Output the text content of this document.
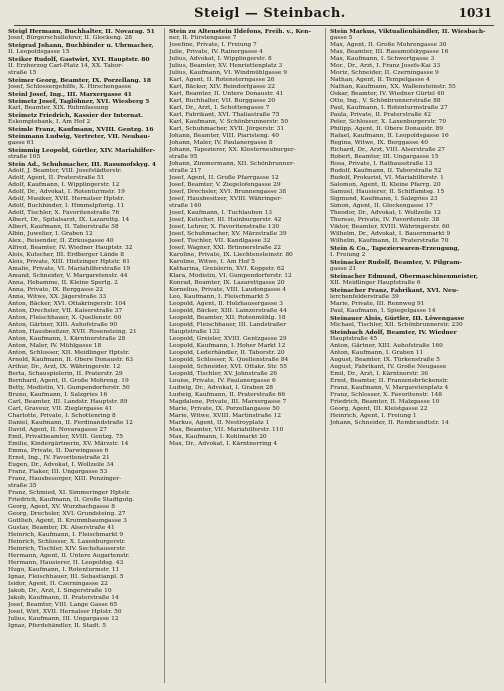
Steigl — Steinbach.	1031
Steigl Hermann, Buchhalter, II. Novarag. 51
Josef, Bürgerschullehrer, II. Glockeng. 28
Steigrad Johann, Buchbinder u. Ubrmacher,
II. Leopoldsgasse 15
Steiker Rudolf, Gastwirt, XVI. Hauptstr. 80
II. Erzherzog Carl-Platz 14, XX. Tabor-
straße 15
Steimer Georg, Beamter, IX. Porzellang. 18
Josef, Schlossergehilfe, X. Hirschengasse
Steinl Josef, Ing., III. Marxergasse 41
Steimetz Josef, Taglöhner, XVI. Wiesberg 5
Karl, Beamter, XIX. Ruhmfassung
Steimetz Friedrich, Kassier der Internat.
Eskomptebank, I. Am Hof 2
Steimle Franz, Kaufmann, XVIII. Gentzg. 16
Steinmann Ludwig, Vertreter, VII. Neubau-
gasse 61
Steimmig Leopold, Gürtler, XIV. Mariahilfer-
straße 165
Stein Ad., Schuhmacher, III. Rasumofskyg. 4
Adolf, J. Beamter, VIII. Josefstädterstr.
Adolf, Agent, II. Praterstraße 51
Adolf, Kaufmann, I. Wipplingerstr. 12
Adolf, Dr., Advokat, I. Rotenturmstr. 19
Adolf, Musiker, XVII. Hernalser Hptstr.
Adolf, Buchbinder, I. Himmelpfortg. 11
Adolf, Tischler, X. Favoritenstraße 76
Albert, Dr., Spitalsarzt, IX. Lazarettg. 14
Albert, Kaufmann, II. Taborstraße 58
Albin, Juwelier, I. Graben 12
Alex., Reisender, II. Zirkusgasse 40
Alfred, Beamter, IV. Wiedner Hauptstr. 32
Alois, Kutscher, III. Erdberger Lände 8
Alois, Private, XIII. Hietzinger Hptstr. 61
Amalie, Private, VI. Mariahilferstraße 19
Amand, Schneider, V. Margaretenstr. 44
Anna, Hebamme, II. Kleine Sperlg. 2
Anna, Private, IX. Berggasse 22
Anna, Witwe, XX. Jägerstraße 33
Anton, Bäcker, XVI. Ottakringerstr. 104
Anton, Drechsler, VII. Kaiserstraße 37
Anton, Fleischhauer, X. Quellenstr. 60
Anton, Gärtner, XIII. Auhofstraße 90
Anton, Hausbesitzer, XVII. Rosensteing. 21
Anton, Kaufmann, I. Kärntnerstraße 28
Anton, Maler, IV. Mühlgasse 18
Anton, Schlosser, XII. Meidlinger Hptstr.
Arnold, Kaufmann, II. Obere Donaustr. 63
Arthur, Dr., Arzt, IX. Währingerstr. 12
Berta, Schauspielerin, II. Praterstr. 29
Bernhard, Agent, II. Große Mohreng. 19
Betty, Modistin, VI. Gumpendorferstr. 50
Bruno, Kaufmann, I. Salzgries 16
Carl, Beamter, III. Landstr. Hauptstr. 89
Carl, Graveur, VII. Zieglergasse 41
Charlotte, Private, I. Schottenring 8
Daniel, Kaufmann, II. Ferdinandstraße 12
David, Agent, II. Novaragasse 27
Emil, Privatbeamter, XVIII. Gentzg. 75
Emilie, Kindergärtnerin, XV. Märzstr. 14
Emma, Private, II. Darwingasse 6
Ernst, Ing., IV. Favoritenstraße 21
Eugen, Dr., Advokat, I. Wollzeile 34
Franz, Fiaker, III. Ungargasse 53
Franz, Hausbesorger, XIII. Penzinger-
straße 35
Franz, Schmied, XI. Simmeringer Hptstr.
Friedrich, Kaufmann, II. Große Stadtgutg.
Georg, Agent, XV. Wurzbachgasse 8
Georg, Drechsler, XVI. Grundsteing. 27
Gottlieb, Agent, II. Krummbaumgasse 3
Gustav, Beamter, IX. Alserstraße 41
Heinrich, Kaufmann, I. Fleischmarkt 9
Heinrich, Schlosser, X. Laxenburgerstr.
Heinrich, Tischler, XIV. Sechshauserstr.
Hermann, Agent, II. Untere Augartenstr.
Hermann, Hausierer, II. Leopoldsg. 43
Hugo, Kaufmann, I. Rotenturmstr. 11
Ignaz, Fleischhauer, III. Sebastianpl. 5
Isidor, Agent, II. Czerningasse 22
Jakob, Dr., Arzt, I. Singerstraße 10
Jakob, Kaufmann, II. Praterstraße 14
Josef, Beamter, VIII. Lange Gasse 65
Josef, Wirt, XVII. Hernalser Hptstr. 50
Julius, Kaufmann, III. Ungargasse 12
Ignaz, Pferdehändler, II. Stadt. 5
Stein zu Altenstein Ildefons, Freih. v., Ken-
ner, II. Fürstengasse 7
Josefine, Private, I. Freiung 7
Julie, Private, IV. Rainergasse 4
Julius, Advokat, I. Wipplingerstr. 8
Julius, Beamter, XV. Henriettenplatz 3
Julius, Kaufmann, VI. Windmühlgasse 9
Karl, Agent, II. Rotensterngasse 26
Karl, Bäcker, XIV. Reindorfgasse 22
Karl, Beamter, II. Untere Donaustr. 41
Karl, Buchhalter, VII. Burggasse 20
Karl, Dr., Arzt, I. Schottengasse 7
Karl, Fabrikant, XVI. Thaliastraße 75
Karl, Kaufmann, V. Schönbrunnerstr. 50
Karl, Schuhmacher, XVII. Jörgerstr. 31
Johann, Beamter, VIII. Piaristeng. 40
Johann, Maler, IV. Paulanergasse 8
Johann, Tapezierer, XX. Klosterneuburger-
straße 95
Johann, Zimmermann, XII. Schönbrunner-
straße 217
Josef, Agent, II. Große Pfarrgasse 12
Josef, Beamter, V. Ziegelofengasse 29
Josef, Drechsler, XVI. Brunnengasse 38
Josef, Hausbesitzer, XVIII. Währinger-
straße 140
Josef, Kaufmann, I. Tuchlauben 13
Josef, Kutscher, III. Hainburgerstr. 42
Josef, Lehrer, X. Favoritenstraße 130
Josef, Schuhmacher, XV. Märzstraße 39
Josef, Tischler, VII. Kandlgasse 32
Josef, Wagner, XXI. Brünnerstraße 22
Karoline, Private, IX. Liechtensteinstr. 80
Karoline, Witwe, I. Am Hof 5
Katharina, Greislerin, XVI. Koppstr. 62
Klara, Modistin, VI. Gumpendorferstr. 12
Konrad, Beamter, IX. Lazarettgasse 20
Kornelius, Private, VIII. Laudongasse 4
Leo, Kaufmann, I. Fleischmarkt 5
Leopold, Agent, II. Holzhausergasse 3
Leopold, Bäcker, XIII. Lainzerstraße 44
Leopold, Beamter, XII. Rotenmühlg. 18
Leopold, Fleischhauer, III. Landstraßer
Hauptstraße 132
Leopold, Greisler, XVIII. Gentzgasse 29
Leopold, Kaufmann, I. Hoher Markt 12
Leopold, Lederhändler, II. Taborstr. 20
Leopold, Schlosser, X. Quellenstraße 84
Leopold, Schneider, XVI. Ottakr. Str. 55
Leopold, Tischler, XV. Johnstraße 26
Louise, Private, IV. Paulanergasse 6
Ludwig, Dr., Advokat, I. Graben 28
Ludwig, Kaufmann, II. Praterstraße 66
Magdalene, Private, III. Marxergasse 7
Marie, Private, IX. Porzellangasse 50
Marie, Witwe, XVIII. Martinstraße 12
Markus, Agent, II. Nestroyplatz 1
Max, Beamter, VII. Mariahilferstr. 110
Max, Kaufmann, I. Kohlmarkt 20
Max, Dr., Advokat, I. Kärntnerring 4
Stein Markus, Viktualienhändler, II. Wiesbach-
gasse 5
Max, Agent, II. Große Mohrengasse 30
Max, Beamter, III. Rasumofskygasse 16
Max, Kaufmann, I. Schwertgasse 3
Mor., Dr., Arzt, I. Franz Josefs-Kai 33
Moriz, Schneider, II. Czerningasse 9
Nathan, Agent, II. Tempelgasse 4
Nathan, Kaufmann, XX. Wallensteinstr. 55
Oskar, Beamter, IV. Wiedner Gürtel 40
Otto, Ing., V. Schönbrunnerstraße 88
Paul, Kaufmann, I. Rotenturmstraße 27
Paula, Private, II. Praterstraße 42
Peter, Schlosser, X. Laxenburgerstr. 70
Philipp, Agent, II. Obere Donaustr. 89
Rafael, Kaufmann, II. Leopoldsgasse 16
Regina, Witwe, IX. Berggasse 40
Richard, Dr., Arzt, VIII. Alserstraße 27
Robert, Beamter, III. Ungargasse 15
Rosa, Private, I. Rathausstraße 13
Rudolf, Kaufmann, II. Taborstraße 52
Rudolf, Prokurist, VI. Mariahilferstr. 1
Salomon, Agent, II. Kleine Pfarrg. 20
Samuel, Hausierer, II. Schiffamtsg. 15
Sigmund, Kaufmann, I. Salzgries 23
Simon, Agent, II. Glockengasse 17
Theodor, Dr., Advokat, I. Wollzeile 12
Therese, Private, IV. Favoritenstr. 38
Viktor, Beamter, XVIII. Währingerstr. 60
Wilhelm, Dr., Advokat, I. Bauernmarkt 9
Wilhelm, Kaufmann, II. Praterstraße 70
Stein & Co., Tapezierwaren-Erzeugung,
I. Freiung 2
Steinacker Rudolf, Beamter, V. Pilgram-
gasse 21
Steinacher Edmund, Obermaschinenmeister,
XII. Meidlinger Hauptstraße 6
Steinacher Franz, Fabrikant, XVI. Neu-
lerchenfelderstraße 39
Marie, Private, III. Rennweg 91
Paul, Kaufmann, I. Spiegelgasse 14
Steinauer Alois, Gürtler, III. Löwengasse
Michael, Tischler, XII. Schönbrunnerstr. 230
Steinbach Adolf, Beamter, IV. Wiedner
Hauptstraße 45
Anton, Gärtner, XIII. Auhofstraße 160
Anton, Kaufmann, I. Graben 11
August, Beamter, IX. Türkenstraße 5
August, Fabrikant, IV. Große Neugasse
Emil, Dr., Arzt, I. Kärntnerstr. 36
Ernst, Beamter, II. Franzensbrückenstr.
Franz, Kaufmann, V. Margaretenplatz 4
Franz, Schlosser, X. Favoritenstr. 148
Friedrich, Beamter, II. Malzgasse 10
Georg, Agent, III. Kleistgasse 22
Heinrich, Agent, I. Freiung 1
Johann, Schneider, II. Rembrandtstr. 14
